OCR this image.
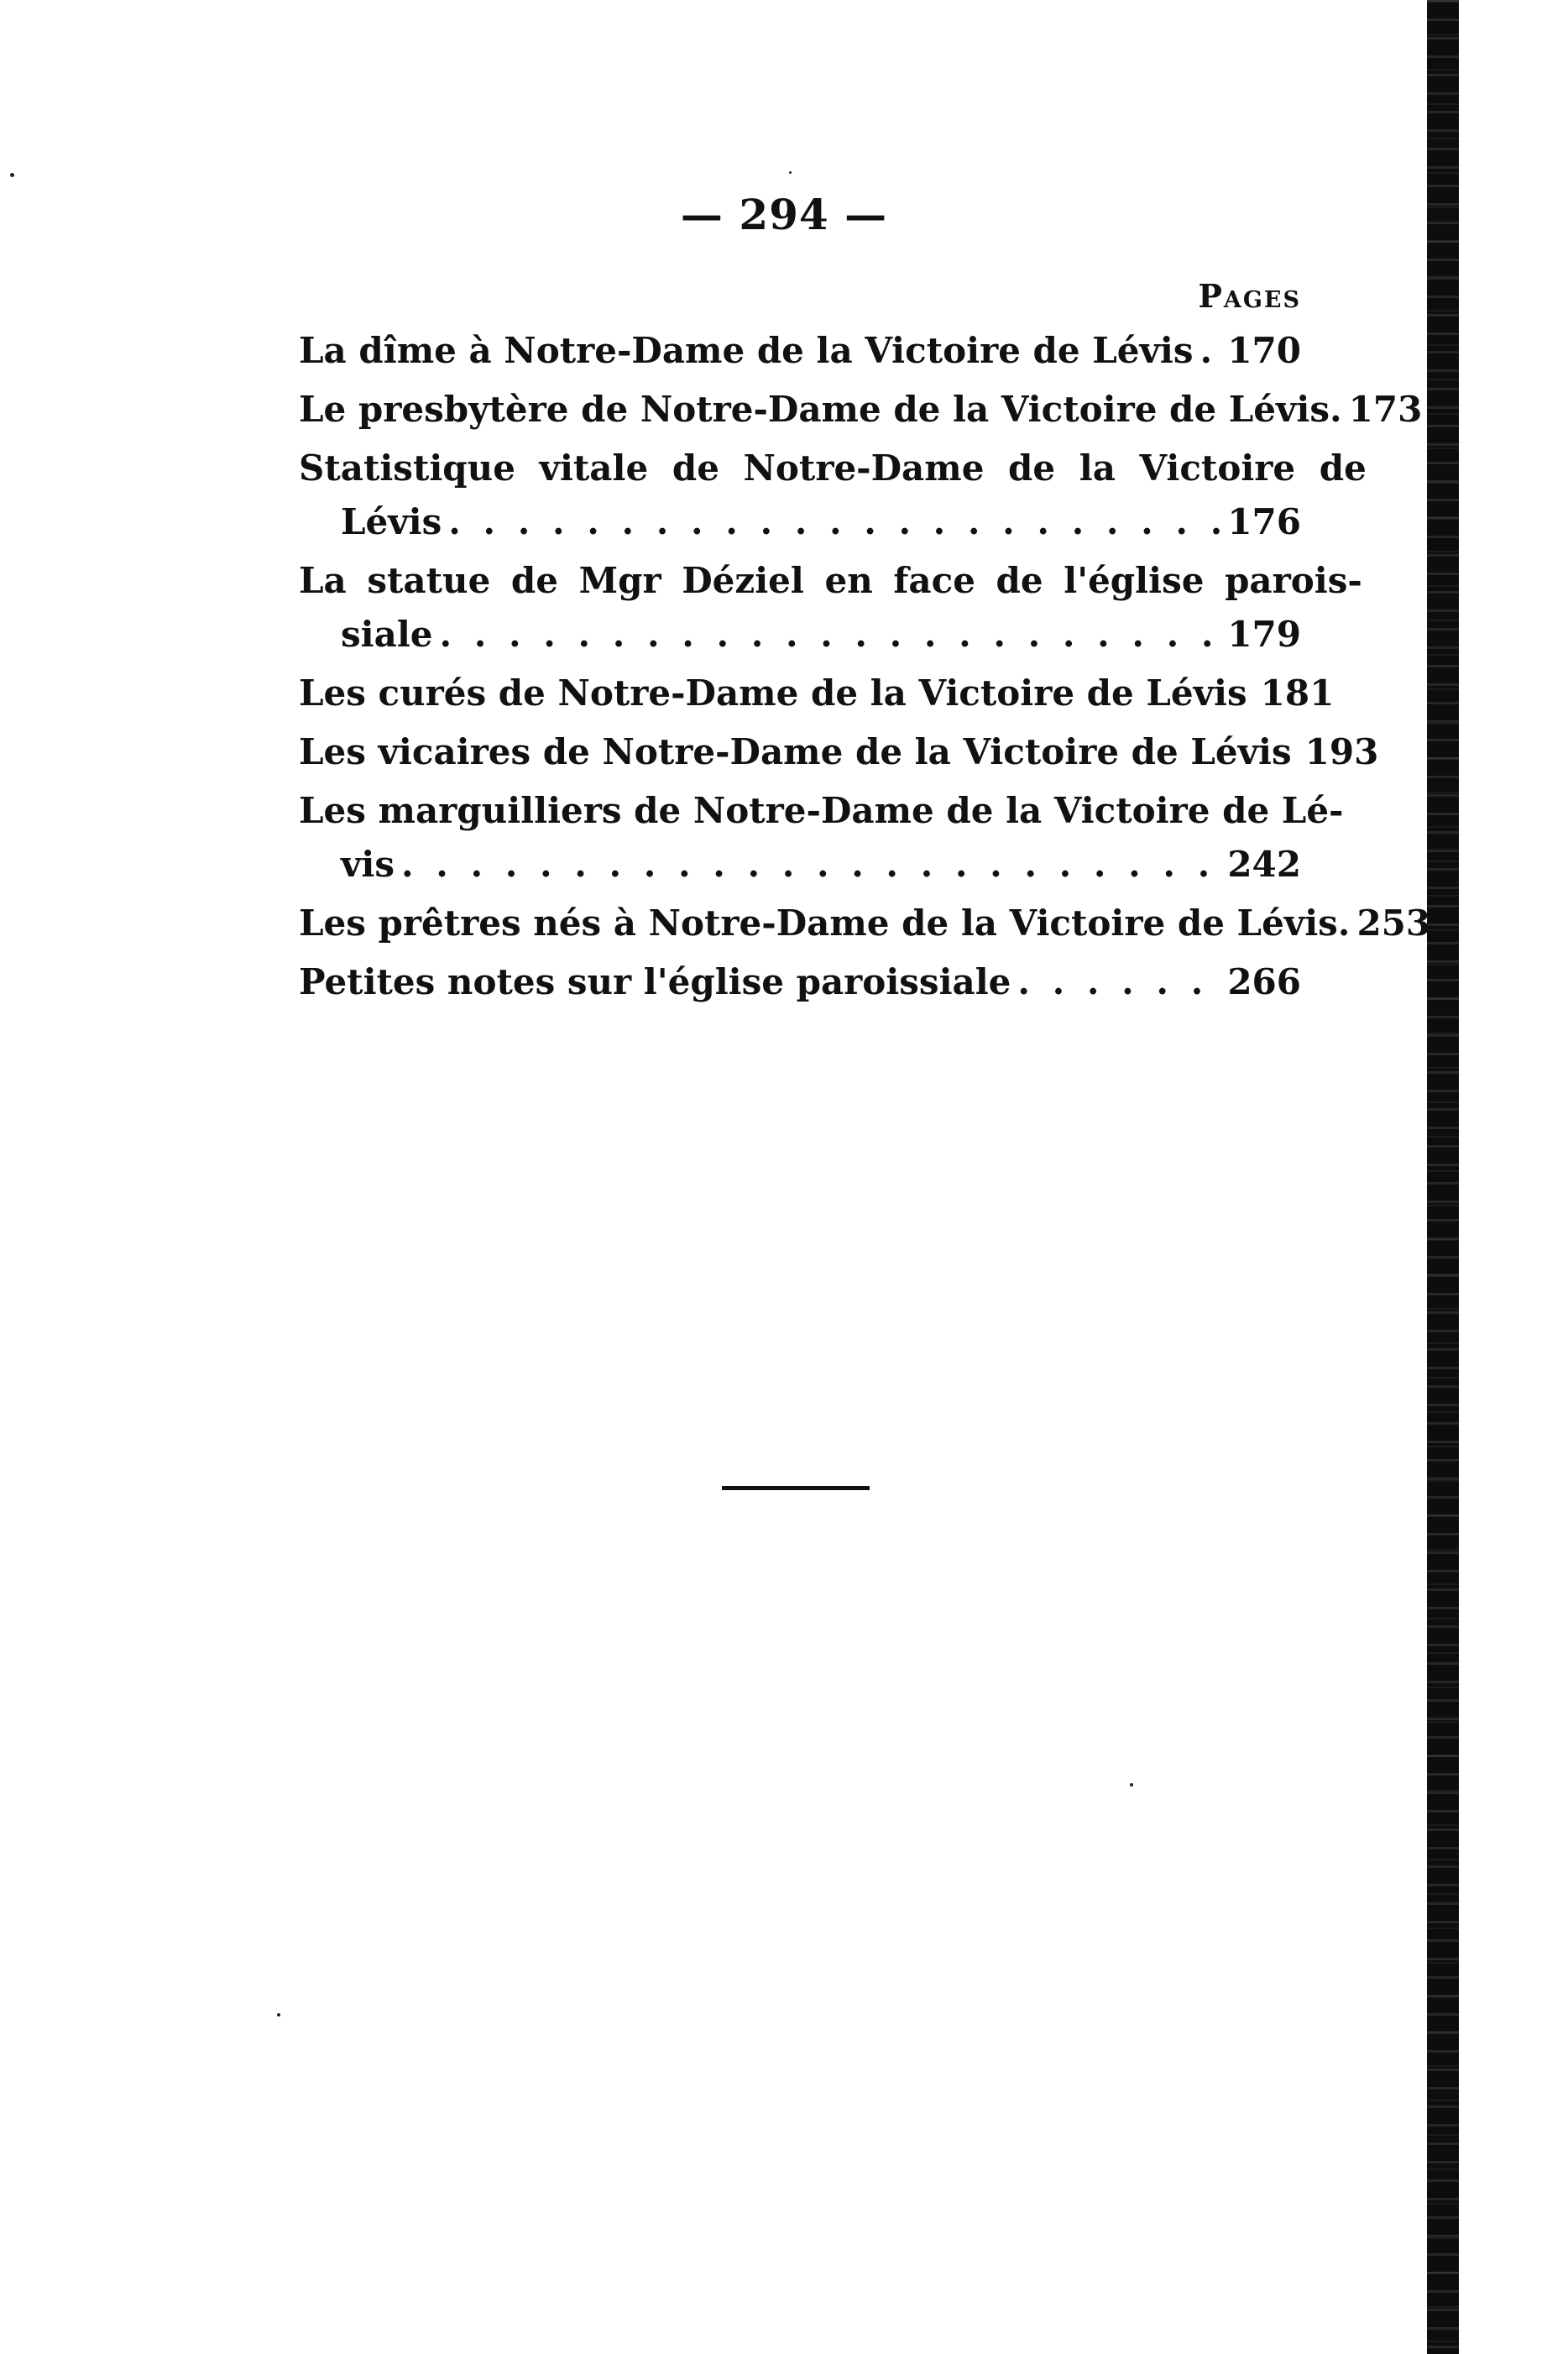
— 294 —
Pages
La dîme à Notre-Dame de la Victoire de Lévis . . . 170
Le presbytère de Notre-Dame de la Victoire de Lévis. 173
Statistique vitale de Notre-Dame de la Victoire de
Lévis . . .	176
La statue de Mgr Déziel en face de l'église parois-
siale . . .	179
Les curés de Notre-Dame de la Victoire de Lévis 181
Les vicaires de Notre-Dame de la Victoire de Lévis 193
Les marguilliers de Notre-Dame de la Victoire de Lé-
vis . . .	242
Les prêtres nés à Notre-Dame de la Victoire de Lévis. 253
Petites notes sur l'église paroissiale . . .	266
